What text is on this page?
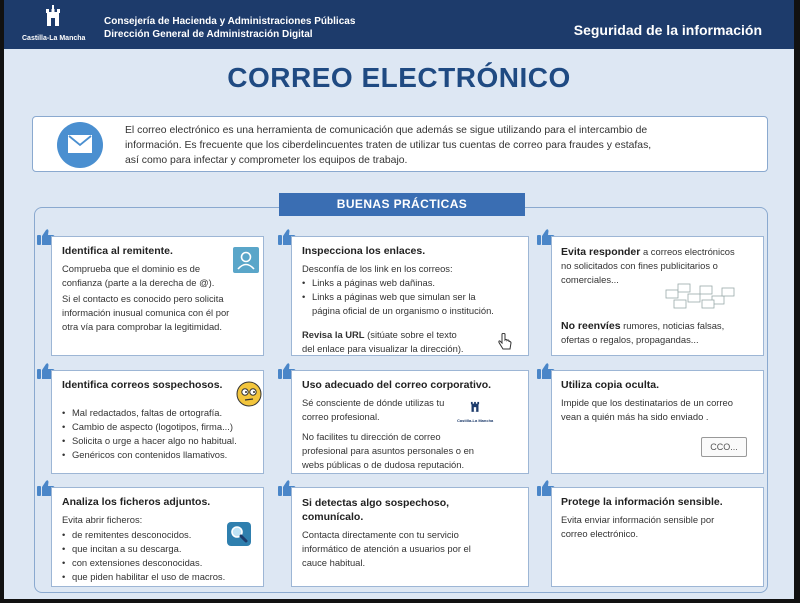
Castilla-La Mancha
Consejería de Hacienda y Administraciones Públicas
Dirección General de Administración Digital	Seguridad de la información
CORREO ELECTRÓNICO
El correo electrónico es una herramienta de comunicación que además se sigue utilizando para el intercambio de
información. Es frecuente que los ciberdelincuentes traten de utilizar tus cuentas de correo para fraudes y estafas,
así como para infectar y comprometer los equipos de trabajo.
BUENAS PRÁCTICAS
Identifica al remitente.
Comprueba que el dominio es de
confianza (parte a la derecha de @).
Si el contacto es conocido pero solicita
información inusual comunica con él por
otra vía para comprobar la legitimidad.
Inspecciona los enlaces.
Desconfía de los link en los correos:
• Links a páginas web dañinas.
• Links a páginas web que simulan ser la
página oficial de un organismo o institución.
Revisa la URL (sitúate sobre el texto
del enlace para visualizar la dirección).
Evita responder a correos electrónicos
no solicitados con fines publicitarios o
comerciales...
No reenvíes rumores, noticias falsas,
ofertas o regalos, propagandas...
Identifica correos sospechosos.
• Mal redactados, faltas de ortografía.
• Cambio de aspecto (logotipos, firma...)
• Solicita o urge a hacer algo no habitual.
• Genéricos con contenidos llamativos.
Uso adecuado del correo corporativo.
Sé consciente de dónde utilizas tu
correo profesional.
No facilites tu dirección de correo
profesional para asuntos personales o en
webs públicas o de dudosa reputación.
Castilla-La Mancha
Utiliza copia oculta.
Impide que los destinatarios de un correo
vean a quién más ha sido enviado .
CCO...
Analiza los ficheros adjuntos.
Evita abrir ficheros:
• de remitentes desconocidos.
• que incitan a su descarga.
• con extensiones desconocidas.
• que piden habilitar el uso de macros.
Si detectas algo sospechoso,
comunícalo.
Contacta directamente con tu servicio
informático de atención a usuarios por el
cauce habitual.
Protege la información sensible.
Evita enviar información sensible por
correo electrónico.
